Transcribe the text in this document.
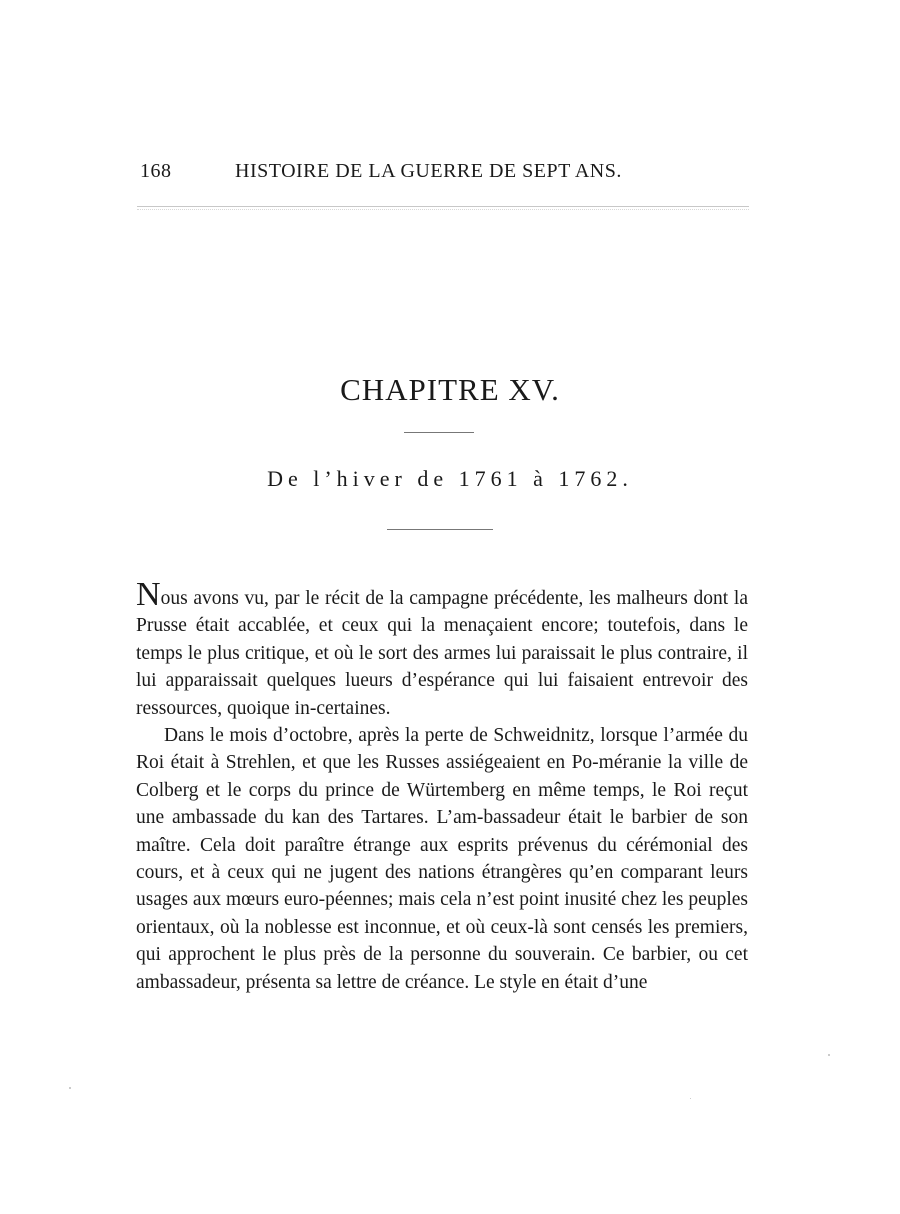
168	HISTOIRE DE LA GUERRE DE SEPT ANS.
CHAPITRE XV.
De l’hiver de 1761 à 1762.

Nous avons vu, par le récit de la campagne précédente, les malheurs dont la Prusse était accablée, et ceux qui la menaçaient encore; toutefois, dans le temps le plus critique, et où le sort des armes lui paraissait le plus contraire, il lui apparaissait quelques lueurs d’espérance qui lui faisaient entrevoir des ressources, quoique in-certaines.

Dans le mois d’octobre, après la perte de Schweidnitz, lorsque l’armée du Roi était à Strehlen, et que les Russes assiégeaient en Po-méranie la ville de Colberg et le corps du prince de Würtemberg en même temps, le Roi reçut une ambassade du kan des Tartares. L’am-bassadeur était le barbier de son maître. Cela doit paraître étrange aux esprits prévenus du cérémonial des cours, et à ceux qui ne jugent des nations étrangères qu’en comparant leurs usages aux mœurs euro-péennes; mais cela n’est point inusité chez les peuples orientaux, où la noblesse est inconnue, et où ceux-là sont censés les premiers, qui approchent le plus près de la personne du souverain. Ce barbier, ou cet ambassadeur, présenta sa lettre de créance. Le style en était d’une
